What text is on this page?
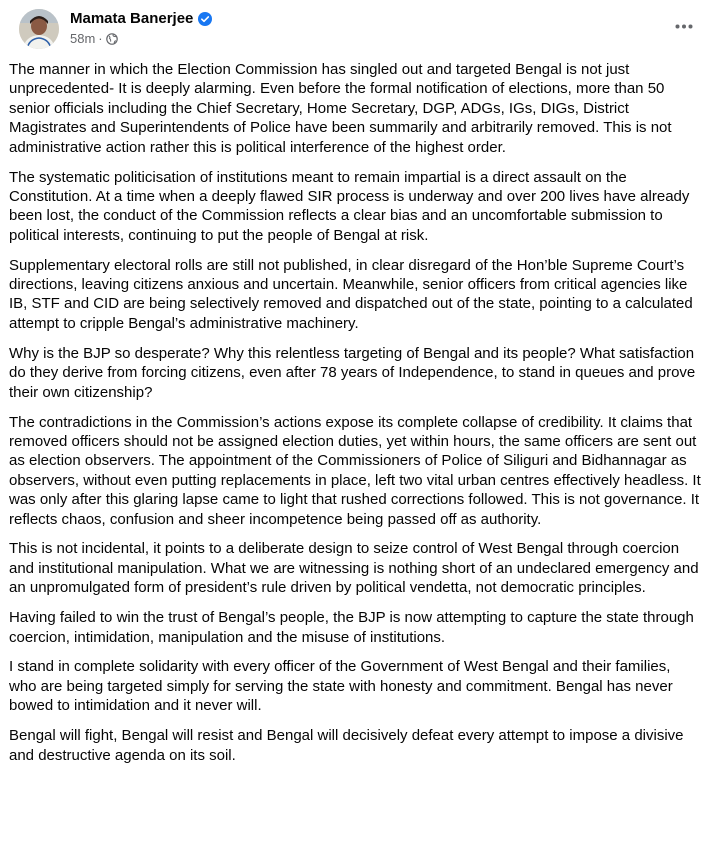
Mamata Banerjee
58m ·

The manner in which the Election Commission has singled out and targeted Bengal is not just unprecedented- It is deeply alarming. Even before the formal notification of elections, more than 50 senior officials including the Chief Secretary, Home Secretary, DGP, ADGs, IGs, DIGs, District Magistrates and Superintendents of Police have been summarily and arbitrarily removed. This is not administrative action rather this is political interference of the highest order.

The systematic politicisation of institutions meant to remain impartial is a direct assault on the Constitution. At a time when a deeply flawed SIR process is underway and over 200 lives have already been lost, the conduct of the Commission reflects a clear bias and an uncomfortable submission to political interests, continuing to put the people of Bengal at risk.

Supplementary electoral rolls are still not published, in clear disregard of the Hon’ble Supreme Court’s directions, leaving citizens anxious and uncertain. Meanwhile, senior officers from critical agencies like IB, STF and CID are being selectively removed and dispatched out of the state, pointing to a calculated attempt to cripple Bengal’s administrative machinery.

Why is the BJP so desperate? Why this relentless targeting of Bengal and its people? What satisfaction do they derive from forcing citizens, even after 78 years of Independence, to stand in queues and prove their own citizenship?

The contradictions in the Commission’s actions expose its complete collapse of credibility. It claims that removed officers should not be assigned election duties, yet within hours, the same officers are sent out as election observers. The appointment of the Commissioners of Police of Siliguri and Bidhannagar as observers, without even putting replacements in place, left two vital urban centres effectively headless. It was only after this glaring lapse came to light that rushed corrections followed. This is not governance. It reflects chaos, confusion and sheer incompetence being passed off as authority.

This is not incidental, it points to a deliberate design to seize control of West Bengal through coercion and institutional manipulation. What we are witnessing is nothing short of an undeclared emergency and an unpromulgated form of president’s rule driven by political vendetta, not democratic principles.

Having failed to win the trust of Bengal’s people, the BJP is now attempting to capture the state through coercion, intimidation, manipulation and the misuse of institutions.

I stand in complete solidarity with every officer of the Government of West Bengal and their families, who are being targeted simply for serving the state with honesty and commitment. Bengal has never bowed to intimidation and it never will.

Bengal will fight, Bengal will resist and Bengal will decisively defeat every attempt to impose a divisive and destructive agenda on its soil.
